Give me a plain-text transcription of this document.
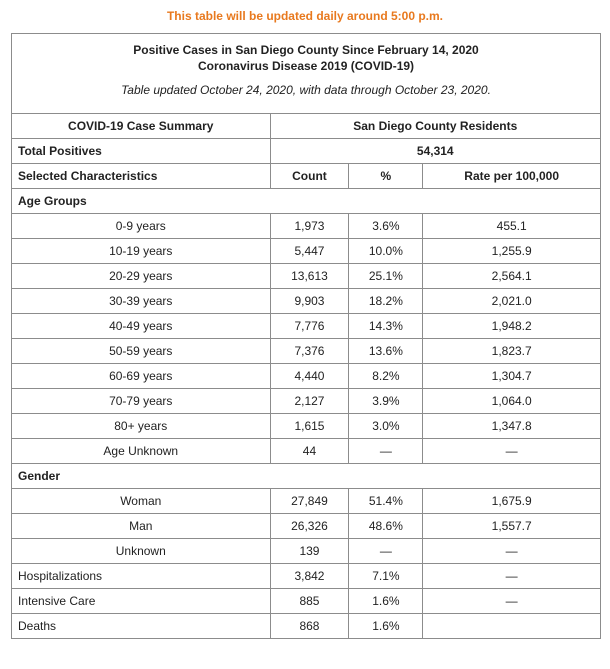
This table will be updated daily around 5:00 p.m.
Positive Cases in San Diego County Since February 14, 2020
Coronavirus Disease 2019 (COVID-19)
Table updated October 24, 2020, with data through October 23, 2020.			

COVID-19 Case Summary	San Diego County Residents		
Total Positives	54,314		
Selected Characteristics	Count	%	Rate per 100,000
Age Groups			
0-9 years	1,973	3.6%	455.1
10-19 years	5,447	10.0%	1,255.9
20-29 years	13,613	25.1%	2,564.1
30-39 years	9,903	18.2%	2,021.0
40-49 years	7,776	14.3%	1,948.2
50-59 years	7,376	13.6%	1,823.7
60-69 years	4,440	8.2%	1,304.7
70-79 years	2,127	3.9%	1,064.0
80+ years	1,615	3.0%	1,347.8
Age Unknown	44	—	—
Gender			
Woman	27,849	51.4%	1,675.9
Man	26,326	48.6%	1,557.7
Unknown	139	—	—
Hospitalizations	3,842	7.1%	—
Intensive Care	885	1.6%	—
Deaths	868	1.6%	
